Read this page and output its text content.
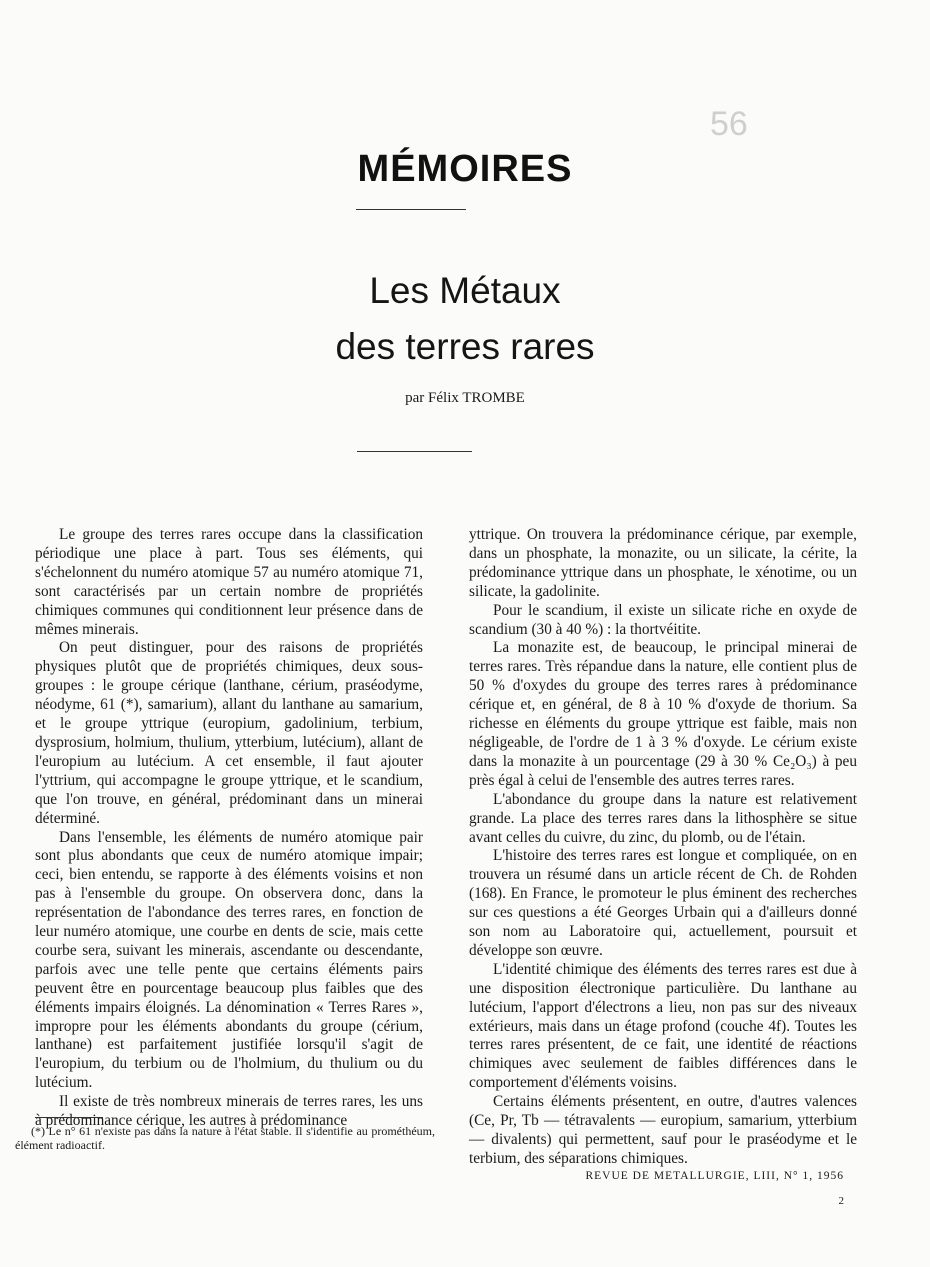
56
MÉMOIRES
Les Métaux
des terres rares

par Félix TROMBE

Le groupe des terres rares occupe dans la classification périodique une place à part. Tous ses éléments, qui s'échelonnent du numéro atomique 57 au numéro atomique 71, sont caractérisés par un certain nombre de propriétés chimiques communes qui conditionnent leur présence dans de mêmes minerais.

On peut distinguer, pour des raisons de propriétés physiques plutôt que de propriétés chimiques, deux sous-groupes : le groupe cérique (lanthane, cérium, praséodyme, néodyme, 61 (*), samarium), allant du lanthane au samarium, et le groupe yttrique (europium, gadolinium, terbium, dysprosium, holmium, thulium, ytterbium, lutécium), allant de l'europium au lutécium. A cet ensemble, il faut ajouter l'yttrium, qui accompagne le groupe yttrique, et le scandium, que l'on trouve, en général, prédominant dans un minerai déterminé.

Dans l'ensemble, les éléments de numéro atomique pair sont plus abondants que ceux de numéro atomique impair; ceci, bien entendu, se rapporte à des éléments voisins et non pas à l'ensemble du groupe. On observera donc, dans la représentation de l'abondance des terres rares, en fonction de leur numéro atomique, une courbe en dents de scie, mais cette courbe sera, suivant les minerais, ascendante ou descendante, parfois avec une telle pente que certains éléments pairs peuvent être en pourcentage beaucoup plus faibles que des éléments impairs éloignés. La dénomination « Terres Rares », impropre pour les éléments abondants du groupe (cérium, lanthane) est parfaitement justifiée lorsqu'il s'agit de l'europium, du terbium ou de l'holmium, du thulium ou du lutécium.

Il existe de très nombreux minerais de terres rares, les uns à prédominance cérique, les autres à prédominance

yttrique. On trouvera la prédominance cérique, par exemple, dans un phosphate, la monazite, ou un silicate, la cérite, la prédominance yttrique dans un phosphate, le xénotime, ou un silicate, la gadolinite.

Pour le scandium, il existe un silicate riche en oxyde de scandium (30 à 40 %) : la thortvéitite.

La monazite est, de beaucoup, le principal minerai de terres rares. Très répandue dans la nature, elle contient plus de 50 % d'oxydes du groupe des terres rares à prédominance cérique et, en général, de 8 à 10 % d'oxyde de thorium. Sa richesse en éléments du groupe yttrique est faible, mais non négligeable, de l'ordre de 1 à 3 % d'oxyde. Le cérium existe dans la monazite à un pourcentage (29 à 30 % Ce₂O₃) à peu près égal à celui de l'ensemble des autres terres rares.

L'abondance du groupe dans la nature est relativement grande. La place des terres rares dans la lithosphère se situe avant celles du cuivre, du zinc, du plomb, ou de l'étain.

L'histoire des terres rares est longue et compliquée, on en trouvera un résumé dans un article récent de Ch. de Rohden (168). En France, le promoteur le plus éminent des recherches sur ces questions a été Georges Urbain qui a d'ailleurs donné son nom au Laboratoire qui, actuellement, poursuit et développe son œuvre.

L'identité chimique des éléments des terres rares est due à une disposition électronique particulière. Du lanthane au lutécium, l'apport d'électrons a lieu, non pas sur des niveaux extérieurs, mais dans un étage profond (couche 4f). Toutes les terres rares présentent, de ce fait, une identité de réactions chimiques avec seulement de faibles différences dans le comportement d'éléments voisins.

Certains éléments présentent, en outre, d'autres valences (Ce, Pr, Tb — tétravalents — europium, samarium, ytterbium — divalents) qui permettent, sauf pour le praséodyme et le terbium, des séparations chimiques.

(*) Le n° 61 n'existe pas dans la nature à l'état stable. Il s'identifie au prométhéum, élément radioactif.

REVUE DE METALLURGIE, LIII, N° 1, 1956
2
